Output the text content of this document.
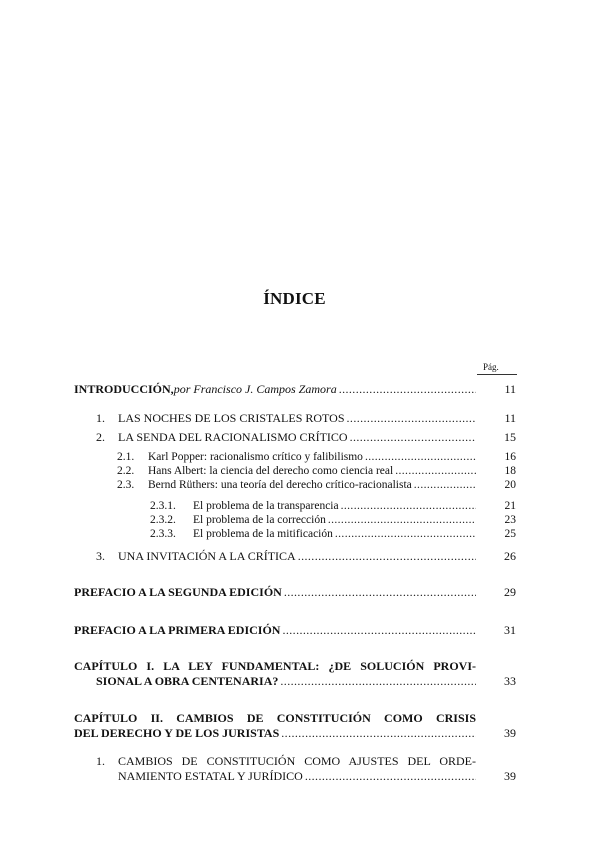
ÍNDICE
Pág.
INTRODUCCIÓN, por Francisco J. Campos Zamora .....	11
1. LAS NOCHES DE LOS CRISTALES ROTOS .....	11
2. LA SENDA DEL RACIONALISMO CRÍTICO .....	15
2.1. Karl Popper: racionalismo crítico y falibilismo .....	16
2.2. Hans Albert: la ciencia del derecho como ciencia real .....	18
2.3. Bernd Rüthers: una teoría del derecho crítico-racionalista .....	20
2.3.1. El problema de la transparencia .....	21
2.3.2. El problema de la corrección .....	23
2.3.3. El problema de la mitificación .....	25
3. UNA INVITACIÓN A LA CRÍTICA .....	26
PREFACIO A LA SEGUNDA EDICIÓN .....	29
PREFACIO A LA PRIMERA EDICIÓN .....	31
CAPÍTULO I. LA LEY FUNDAMENTAL: ¿DE SOLUCIÓN PROVI-
SIONAL A OBRA CENTENARIA? .....	33
CAPÍTULO II. CAMBIOS DE CONSTITUCIÓN COMO CRISIS
DEL DERECHO Y DE LOS JURISTAS .....	39
1. CAMBIOS DE CONSTITUCIÓN COMO AJUSTES DEL ORDE-
NAMIENTO ESTATAL Y JURÍDICO .....	39
